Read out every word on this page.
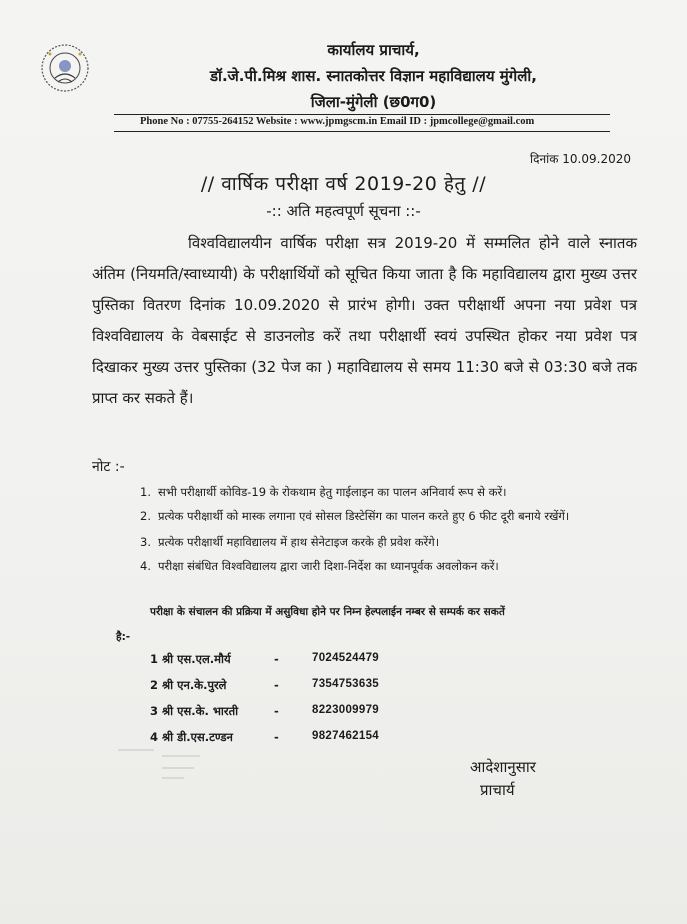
कार्यालय प्राचार्य,
डॉ.जे.पी.मिश्र शास. स्नातकोत्तर विज्ञान महाविद्यालय मुंगेली,
जिला-मुंगेली (छ0ग0)
Phone No : 07755-264152 Website : www.jpmgscm.in Email ID : jpmcollege@gmail.com
दिनांक 10.09.2020
// वार्षिक परीक्षा वर्ष 2019-20 हेतु //
-:: अति महत्वपूर्ण सूचना ::-
विश्वविद्यालयीन वार्षिक परीक्षा सत्र 2019-20 में सम्मलित होने वाले स्नातक अंतिम (नियमति/स्वाध्यायी) के परीक्षार्थियों को सूचित किया जाता है कि महाविद्यालय द्वारा मुख्य उत्तर पुस्तिका वितरण दिनांक 10.09.2020 से प्रारंभ होगी। उक्त परीक्षार्थी अपना नया प्रवेश पत्र विश्वविद्यालय के वेबसाईट से डाउनलोड करें तथा परीक्षार्थी स्वयं उपस्थित होकर नया प्रवेश पत्र दिखाकर मुख्य उत्तर पुस्तिका (32 पेज का ) महाविद्यालय से समय 11:30 बजे से 03:30 बजे तक प्राप्त कर सकते हैं।
नोट :-
1. सभी परीक्षार्थी कोविड-19 के रोकथाम हेतु गाईलाइन का पालन अनिवार्य रूप से करें।
2. प्रत्येक परीक्षार्थी को मास्क लगाना एवं सोसल डिस्टेसिंग का पालन करते हुए 6 फीट दूरी बनाये रखेंगें।
3. प्रत्येक परीक्षार्थी महाविद्यालय में हाथ सेनेटाइज करके ही प्रवेश करेंगे।
4. परीक्षा संबंधित विश्वविद्यालय द्वारा जारी दिशा-निर्देश का ध्यानपूर्वक अवलोकन करें।
परीक्षा के संचालन की प्रक्रिया में असुविधा होने पर निम्न हेल्पलाईन नम्बर से सम्पर्क कर सकतें
है:-
1 श्री एस.एल.मौर्य	-	7024524479
2 श्री एन.के.पुरले	-	7354753635
3 श्री एस.के. भारती	-	8223009979
4 श्री डी.एस.टण्डन	-	9827462154
आदेशानुसार
प्राचार्य
